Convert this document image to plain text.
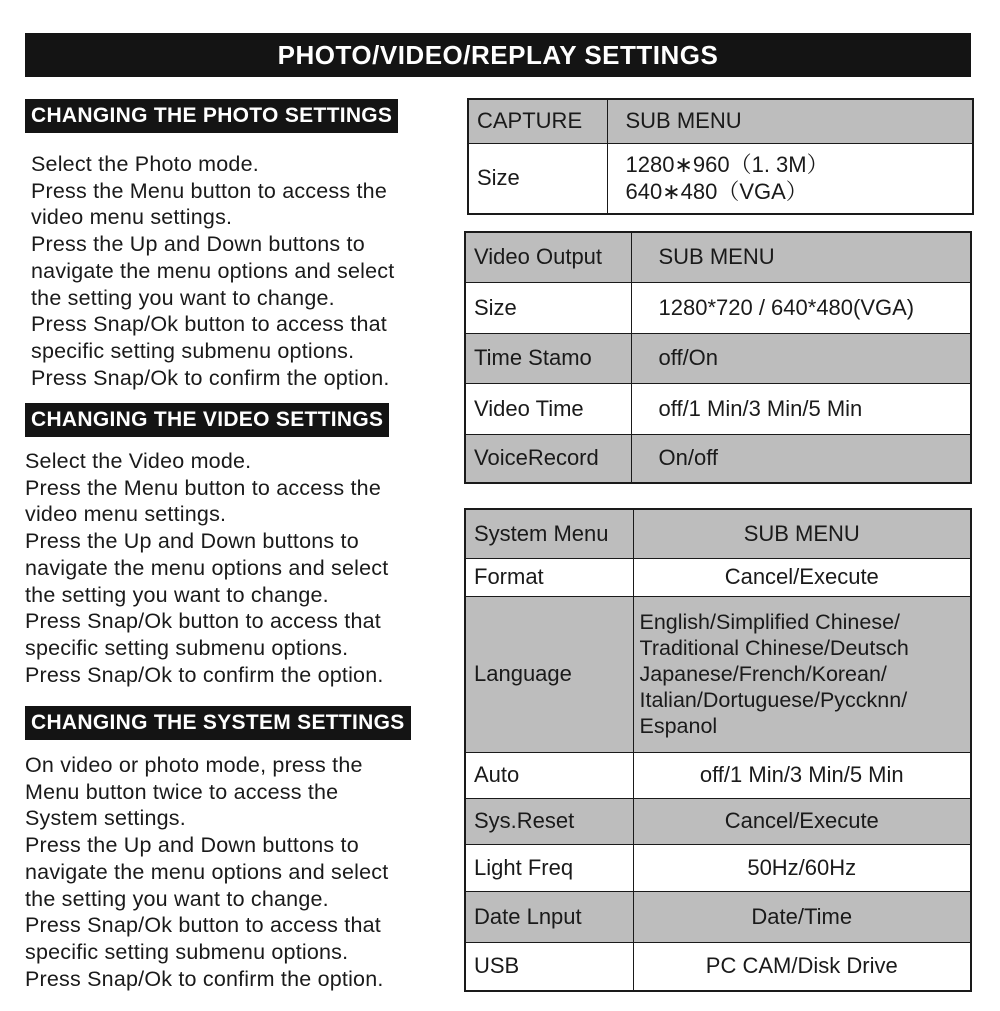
PHOTO/VIDEO/REPLAY SETTINGS
CHANGING THE PHOTO SETTINGS
Select the Photo mode.
Press the Menu button to access the
video menu settings.
Press the Up and Down buttons to
navigate the menu options and select
the setting you want to change.
Press Snap/Ok button to access that
specific setting submenu options.
Press Snap/Ok to confirm the option.
CHANGING THE VIDEO SETTINGS
Select the Video mode.
Press the Menu button to access the
video menu settings.
Press the Up and Down buttons to
navigate the menu options and select
the setting you want to change.
Press Snap/Ok button to access that
specific setting submenu options.
Press Snap/Ok to confirm the option.
CHANGING THE SYSTEM SETTINGS
On video or photo mode, press the
Menu button twice to access the
System settings.
Press the Up and Down buttons to
navigate the menu options and select
the setting you want to change.
Press Snap/Ok button to access that
specific setting submenu options.
Press Snap/Ok to confirm the option.
CAPTURE	SUB MENU
Size	1280∗960（1. 3M）
640∗480（VGA）
Video Output	SUB MENU
Size	1280*720 / 640*480(VGA)
Time Stamo	off/On
Video Time	off/1 Min/3 Min/5 Min
VoiceRecord	On/off
System Menu	SUB MENU
Format	Cancel/Execute
Language	English/Simplified Chinese/
Traditional Chinese/Deutsch
Japanese/French/Korean/
Italian/Dortuguese/Pyccknn/
Espanol

Auto	off/1 Min/3 Min/5 Min
Sys.Reset	Cancel/Execute
Light Freq	50Hz/60Hz
Date Lnput	Date/Time
USB	PC CAM/Disk Drive
